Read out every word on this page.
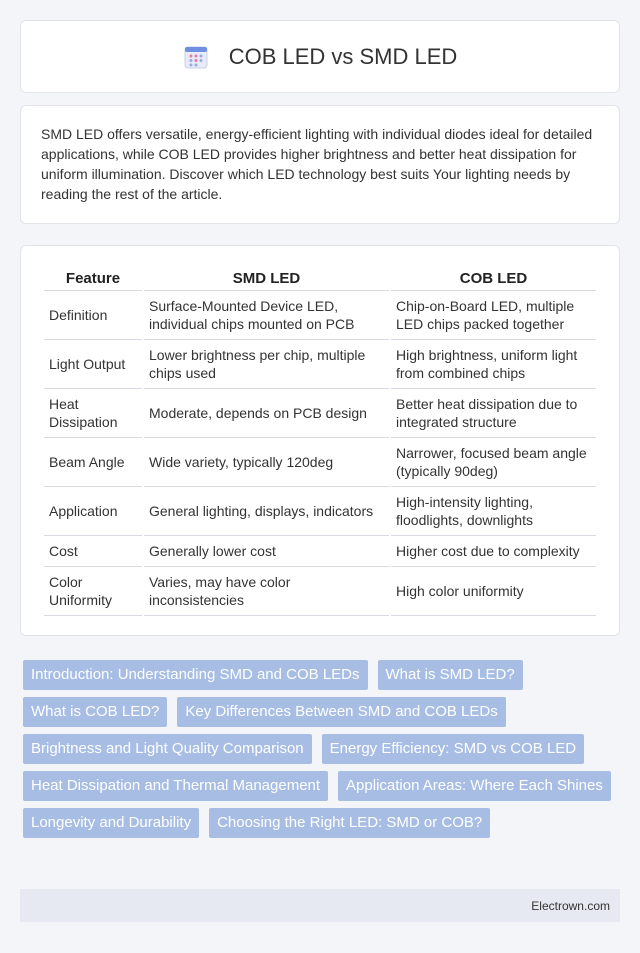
COB LED vs SMD LED

SMD LED offers versatile, energy-efficient lighting with individual diodes ideal for detailed applications, while COB LED provides higher brightness and better heat dissipation for uniform illumination. Discover which LED technology best suits Your lighting needs by reading the rest of the article.

Feature	SMD LED	COB LED
Definition	Surface-Mounted Device LED, individual chips mounted on PCB	Chip-on-Board LED, multiple LED chips packed together
Light Output	Lower brightness per chip, multiple chips used	High brightness, uniform light from combined chips
Heat Dissipation	Moderate, depends on PCB design	Better heat dissipation due to integrated structure
Beam Angle	Wide variety, typically 120deg	Narrower, focused beam angle (typically 90deg)
Application	General lighting, displays, indicators	High-intensity lighting, floodlights, downlights
Cost	Generally lower cost	Higher cost due to complexity
Color Uniformity	Varies, may have color inconsistencies	High color uniformity
Introduction: Understanding SMD and COB LEDs	What is SMD LED?
What is COB LED?	Key Differences Between SMD and COB LEDs
Brightness and Light Quality Comparison	Energy Efficiency: SMD vs COB LED
Heat Dissipation and Thermal Management	Application Areas: Where Each Shines
Longevity and Durability	Choosing the Right LED: SMD or COB?
Electrown.com
